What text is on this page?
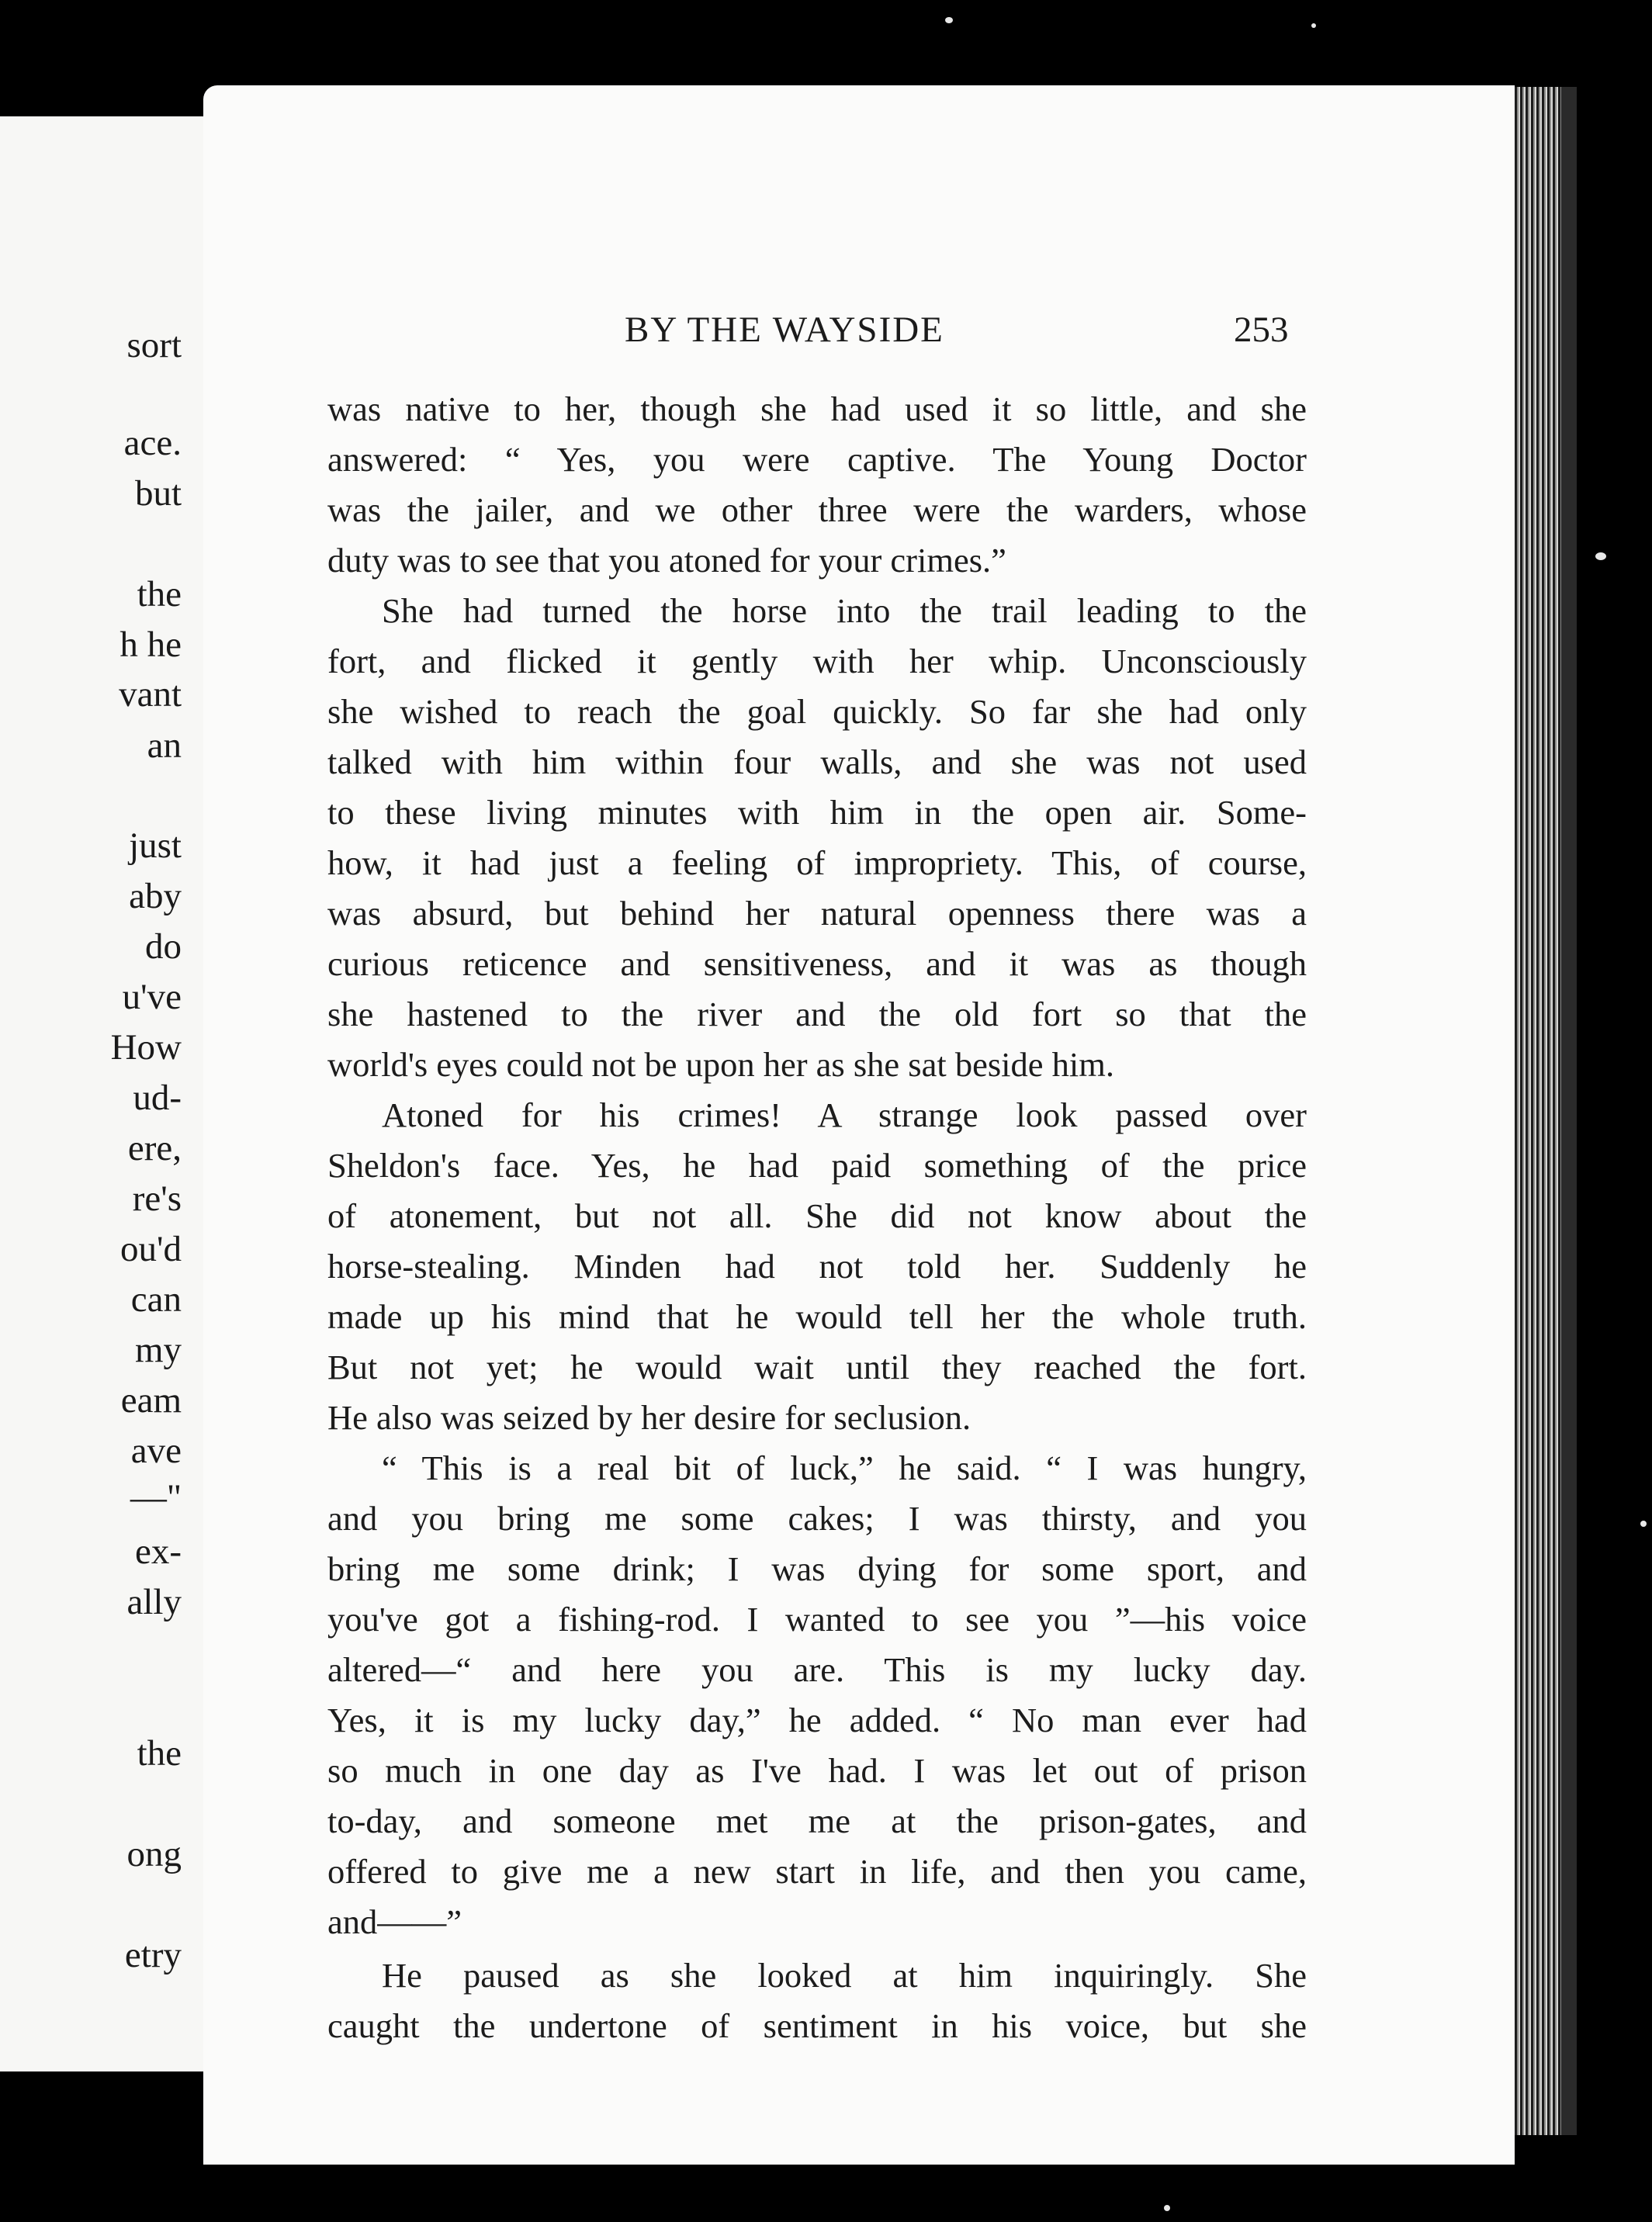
sort
ace.
but
the
h he
vant
an
just
aby
do
u've
How
ud-
ere,
re's
ou'd
can
my
eam
ave
—"
ex-
ally
the
ong
etry
BY THE WAYSIDE	253
was native to her, though she had used it so little, and she
answered: “ Yes, you were captive. The Young Doctor
was the jailer, and we other three were the warders, whose
duty was to see that you atoned for your crimes.”
She had turned the horse into the trail leading to the
fort, and flicked it gently with her whip. Unconsciously
she wished to reach the goal quickly. So far she had only
talked with him within four walls, and she was not used
to these living minutes with him in the open air. Some-
how, it had just a feeling of impropriety. This, of course,
was absurd, but behind her natural openness there was a
curious reticence and sensitiveness, and it was as though
she hastened to the river and the old fort so that the
world's eyes could not be upon her as she sat beside him.
Atoned for his crimes! A strange look passed over
Sheldon's face. Yes, he had paid something of the price
of atonement, but not all. She did not know about the
horse-stealing. Minden had not told her. Suddenly he
made up his mind that he would tell her the whole truth.
But not yet; he would wait until they reached the fort.
He also was seized by her desire for seclusion.
“ This is a real bit of luck,” he said. “ I was hungry,
and you bring me some cakes; I was thirsty, and you
bring me some drink; I was dying for some sport, and
you've got a fishing-rod. I wanted to see you ”—his voice
altered—“ and here you are. This is my lucky day.
Yes, it is my lucky day,” he added. “ No man ever had
so much in one day as I've had. I was let out of prison
to-day, and someone met me at the prison-gates, and
offered to give me a new start in life, and then you came,
and——”
He paused as she looked at him inquiringly. She
caught the undertone of sentiment in his voice, but she
